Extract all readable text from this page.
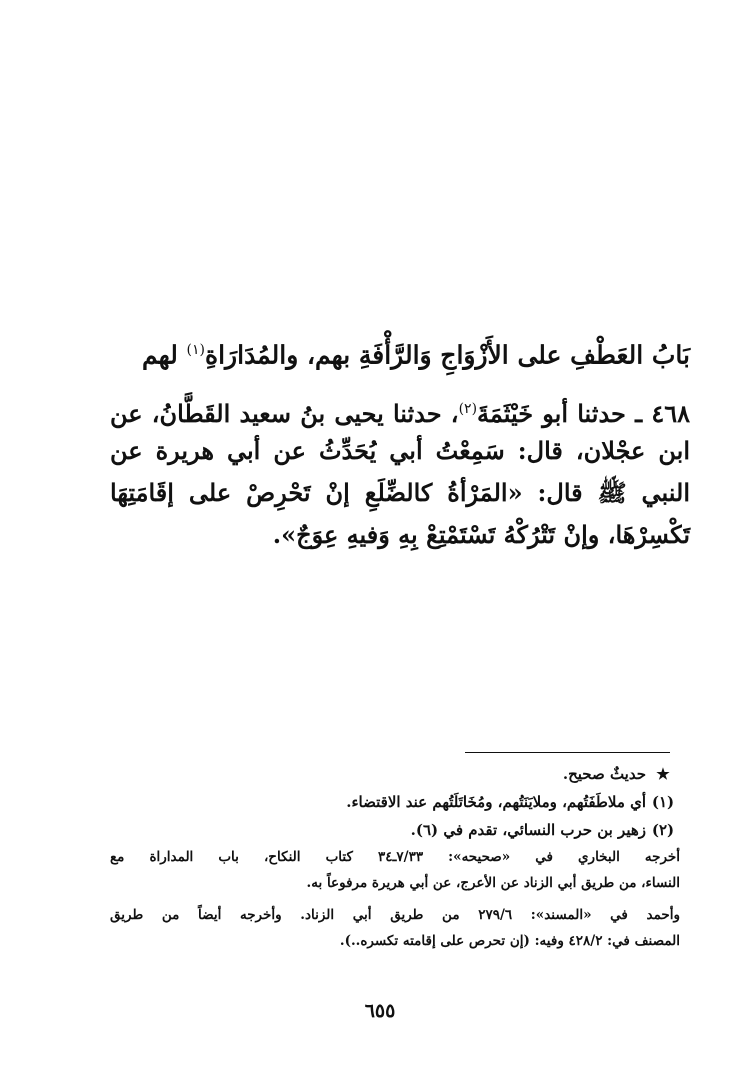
بَابُ العَطْفِ على الأَزْوَاجِ وَالرَّأْفَةِ بهم، والمُدَارَاةِ$^{(١)}$ لهم
٤٦٨ ـ حدثنا أبو خَيْثَمَةَ$^{(٢)}$، حدثنا يحيى بنُ سعيد القَطَّانُ، عن
ابن عجْلان، قال: سَمِعْتُ أبي يُحَدِّثُ عن أبي هريرة عن
النبي ﷺ قال: «المَرْأةُ كالضِّلَعِ إنْ تَحْرِصْ على إقَامَتِهَا
تَكْسِرْهَا، وإنْ تَتْرُكْهُ تَسْتَمْتِعْ بِهِ وَفيهِ عِوَجٌ».
★حديثٌ صحيح.
(١)أي ملاطَفَتُهم، وملايَنَتُهم، ومُخَاتَلَتُهم عند الاقتضاء.
(٢)زهير بن حرب النسائي، تقدم في (٦).
أخرجه البخاري في «صحيحه»: ٧/٣٣ـ٣٤ كتاب النكاح، باب المداراة مع
النساء، من طريق أبي الزناد عن الأعرج، عن أبي هريرة مرفوعاً به.
وأحمد في «المسند»: ٢٧٩/٦ من طريق أبي الزناد. وأخرجه أيضاً من طريق
المصنف في: ٤٢٨/٢ وفيه: (إن تحرص على إقامته تكسره..).
٦٥٥
